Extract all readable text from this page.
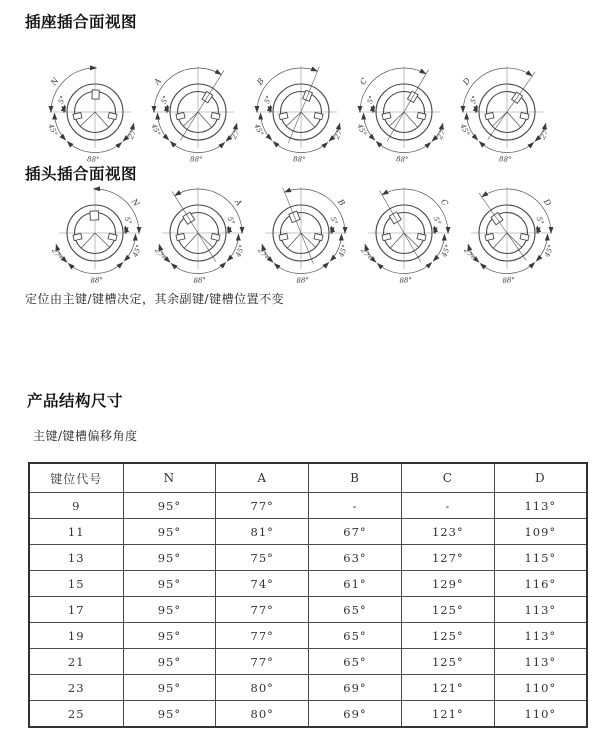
插座插合面视图
N
5°
45°
88°
27°
A
5°
45°
88°
27°
B
5°
45°
88°
27°
C
5°
45°
88°
27°
D
5°
45°
88°
27°
插头插合面视图
N
5°
45°
88°
27°
A
5°
45°
88°
27°
B
5°
45°
88°
27°
C
5°
45°
88°
27°
D
5°
45°
88°
27°
定位由主键/键槽决定，其余副键/键槽位置不变
产品结构尺寸
主键/键槽偏移角度
键位代号	N	A	B	C	D
9	95°	77°	-	-	113°
11	95°	81°	67°	123°	109°
13	95°	75°	63°	127°	115°
15	95°	74°	61°	129°	116°
17	95°	77°	65°	125°	113°
19	95°	77°	65°	125°	113°
21	95°	77°	65°	125°	113°
23	95°	80°	69°	121°	110°
25	95°	80°	69°	121°	110°
